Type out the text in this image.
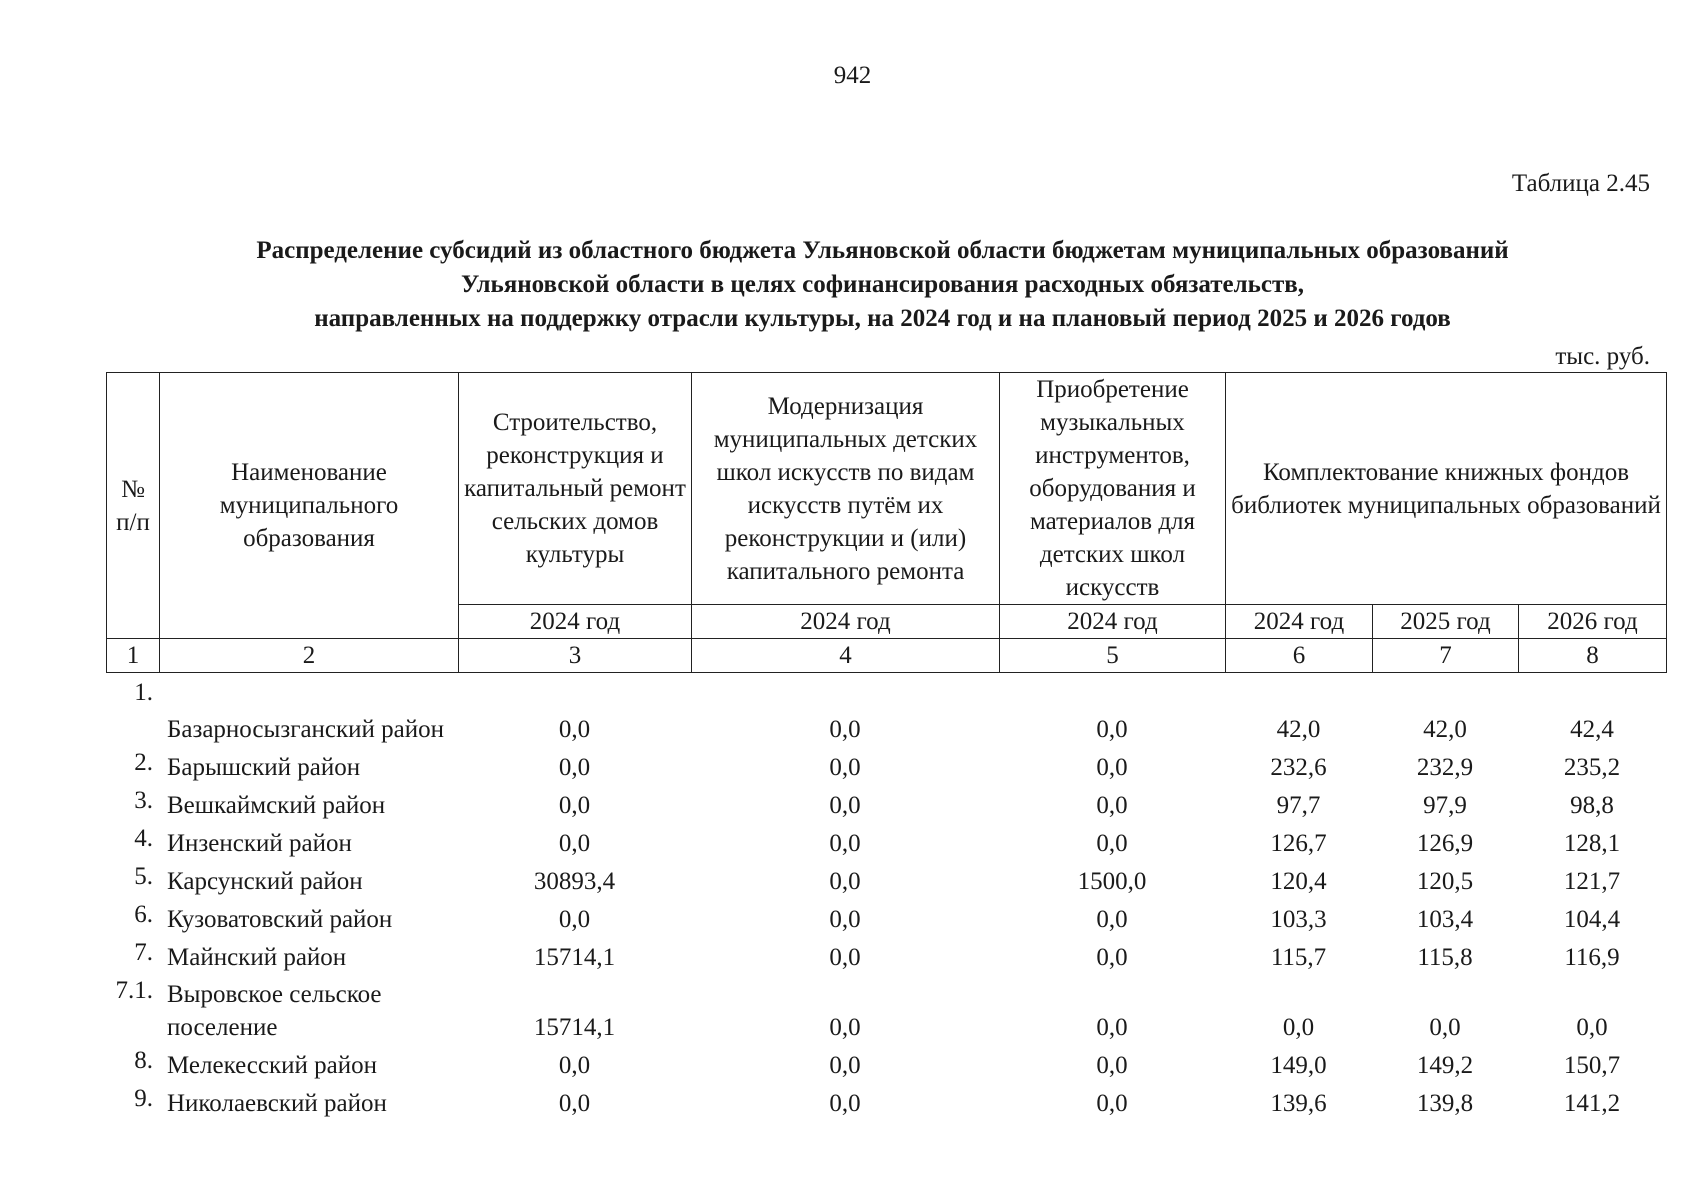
942
Таблица 2.45
Распределение субсидий из областного бюджета Ульяновской области бюджетам муниципальных образований
Ульяновской области в целях софинансирования расходных обязательств,
направленных на поддержку отрасли культуры, на 2024 год и на плановый период 2025 и 2026 годов
тыс. руб.
№ п/п	Наименование муниципального образования	Строительство, реконструкция и капитальный ремонт сельских домов культуры	Модернизация муниципальных детских школ искусств по видам искусств путём их реконструкции и (или) капитального ремонта	Приобретение музыкальных инструментов, оборудования и материалов для детских школ искусств	Комплектование книжных фондов библиотек муниципальных образований		
		2024 год	2024 год	2024 год	2024 год	2025 год	2026 год
1	2	3	4	5	6	7	8
1.	Базарносызганский район	0,0	0,0	0,0	42,0	42,0	42,4
2.	Барышский район	0,0	0,0	0,0	232,6	232,9	235,2
3.	Вешкаймский район	0,0	0,0	0,0	97,7	97,9	98,8
4.	Инзенский район	0,0	0,0	0,0	126,7	126,9	128,1
5.	Карсунский район	30893,4	0,0	1500,0	120,4	120,5	121,7
6.	Кузоватовский район	0,0	0,0	0,0	103,3	103,4	104,4
7.	Майнский район	15714,1	0,0	0,0	115,7	115,8	116,9
7.1.	Выровское сельское поселение	15714,1	0,0	0,0	0,0	0,0	0,0
8.	Мелекесский район	0,0	0,0	0,0	149,0	149,2	150,7
9.	Николаевский район	0,0	0,0	0,0	139,6	139,8	141,2
